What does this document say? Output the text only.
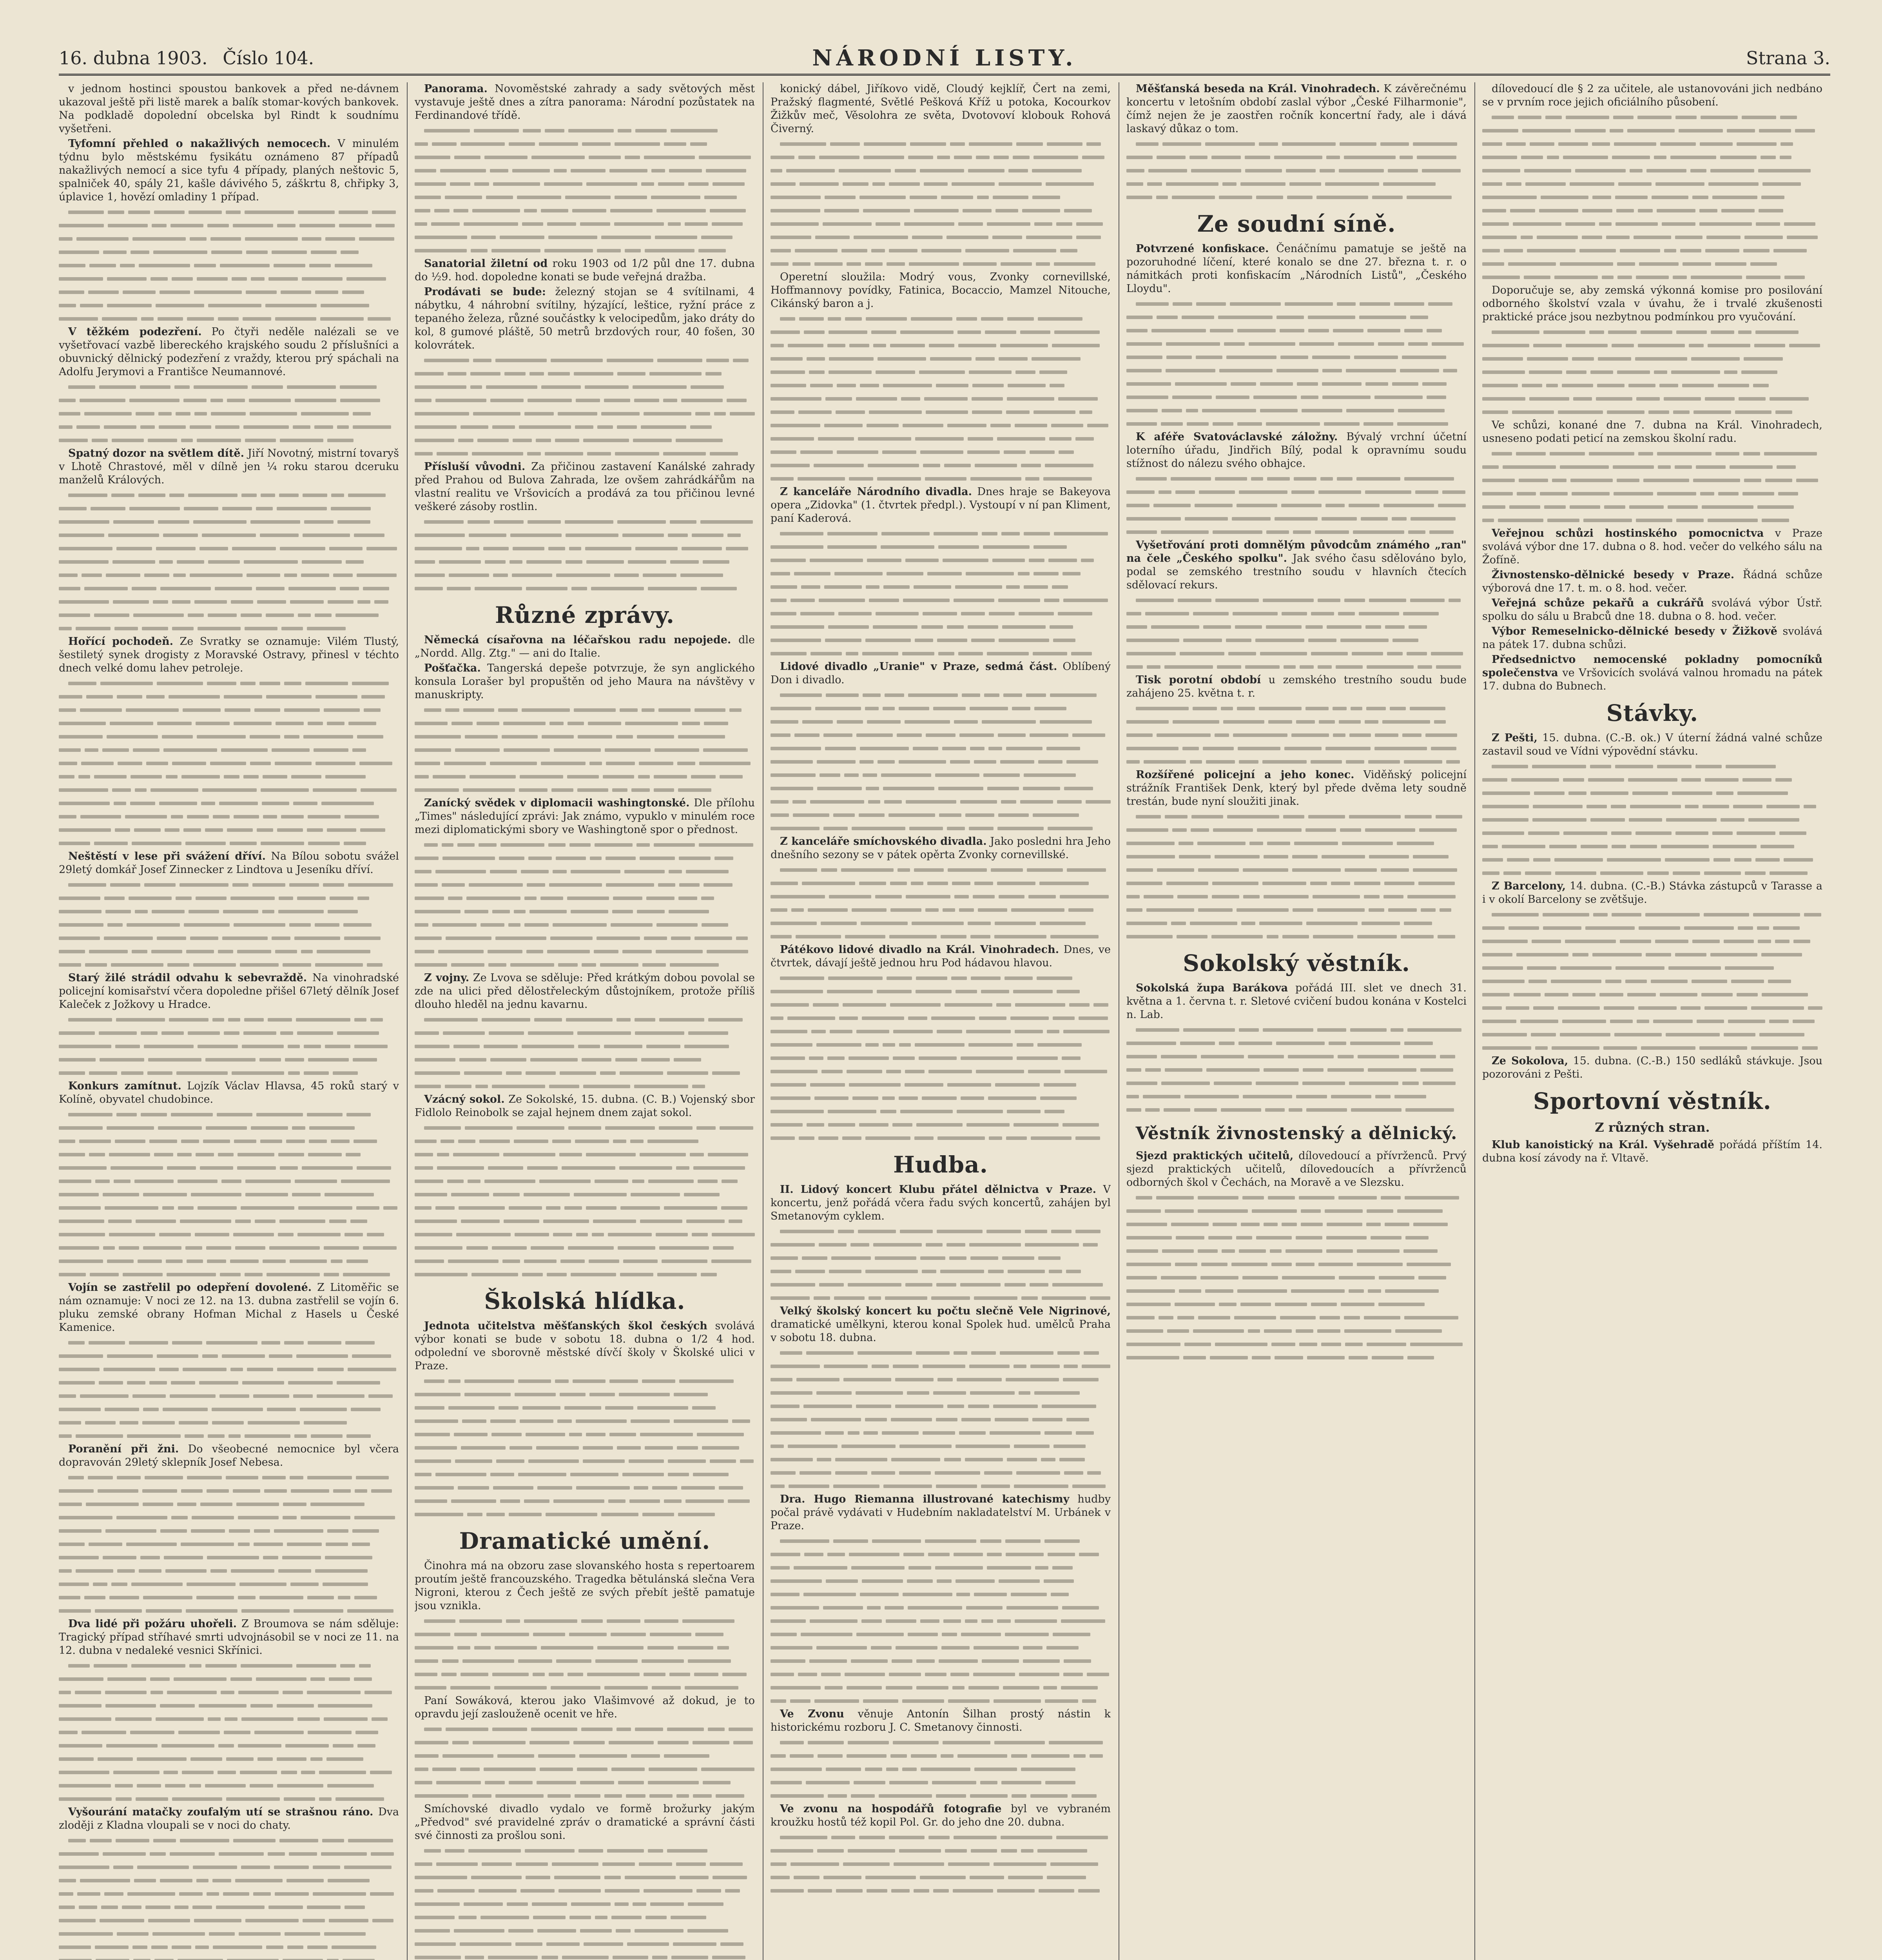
16. dubna 1903. Číslo 104.	NÁRODNÍ LISTY.	Strana 3.

v jednom hostinci spoustou bankovek a před ne-dávnem ukazoval ještě při listě marek a balík stomar-kových bankovek. Na podkladě dopolední obcelska byl Rindt k soudnímu vyšetřeni.

Tyfomní přehled o nakažlivých nemocech. V minulém týdnu bylo městskému fysikátu oznámeno 87 případů nakažlivých nemocí a sice tyfu 4 případy, planých neštovic 5, spalniček 40, spály 21, kašle dávivého 5, záškrtu 8, chřipky 3, úplavice 1, hovězí omladiny 1 případ.

V těžkém podezření. Po čtyři neděle nalézali se ve vyšetřovací vazbě libereckého krajského soudu 2 příslušníci a obuvnický dělnický podezření z vraždy, kterou prý spáchali na Adolfu Jerymovi a Františce Neumannové.

Spatný dozor na světlem dítě. Jiří Novotný, mistrní tovaryš v Lhotě Chrastové, měl v dílně jen ¼ roku starou dceruku manželů Králových.

Hořící pochodeň. Ze Svratky se oznamuje: Vilém Tlustý, šestiletý synek drogisty z Moravské Ostravy, přinesl v téchto dnech velké domu lahev petroleje.

Neštěstí v lese při svážení dříví. Na Bílou sobotu svážel 29letý domkář Josef Zinnecker z Lindtova u Jeseníku dříví.

Starý žilé strádil odvahu k sebevraždě. Na vinohradské policejní komisařství včera dopoledne přišel 67letý dělník Josef Kaleček z Jožkovy u Hradce.

Konkurs zamítnut. Lojzík Václav Hlavsa, 45 roků starý v Kolíně, obyvatel chudobince.

Vojín se zastřelil po odepření dovolené. Z Litoměřic se nám oznamuje: V noci ze 12. na 13. dubna zastřelil se vojín 6. pluku zemské obrany Hofman Michal z Hasels u České Kamenice.

Poranění při žni. Do všeobecné nemocnice byl včera dopravován 29letý sklepník Josef Nebesa.

Dva lidé při požáru uhořeli. Z Broumova se nám sděluje: Tragický případ stříhavé smrti udvojnásobil se v noci ze 11. na 12. dubna v nedaleké vesnici Skřínici.

Vyšourání matačky zoufalým utí se strašnou ráno. Dva zloději z Kladna vloupali se v noci do chaty.

Panorama. Novoměstské zahrady a sady světových měst vystavuje ještě dnes a zítra panorama: Národní pozůstatek na Ferdinandové třídě.

Sanatorial žiletní od roku 1903 od 1/2 půl dne 17. dubna do ½9. hod. dopoledne konati se bude veřejná dražba.

Prodávati se bude: železný stojan se 4 svítilnami, 4 nábytku, 4 náhrobní svítilny, hýzající, leštice, ryžní práce z tepaného železa, různé součástky k velocipedům, jako dráty do kol, 8 gumové pláště, 50 metrů brzdových rour, 40 fošen, 30 kolovrátek.

Přísluší vůvodni. Za přičinou zastavení Kanálské zahrady před Prahou od Bulova Zahrada, lze ovšem zahrádkářům na vlastní realitu ve Vršovicích a prodává za tou přičinou levné veškeré zásoby rostlin.

Různé zprávy.

Německá císařovna na léčařskou radu nepojede. dle „Nordd. Allg. Ztg." — ani do Italie.

Pošťačka. Tangerská depeše potvrzuje, že syn anglického konsula Lorašer byl propuštěn od jeho Maura na návštěvy v manuskripty.

Zanícký svědek v diplomacii washingtonské. Dle přílohu „Times" následující zprávi: Jak známo, vypuklo v minulém roce mezi diplomatickými sbory ve Washingtoně spor o přednost.

Z vojny. Ze Lvova se sděluje: Před krátkým dobou povolal se zde na ulici před dělostřeleckým důstojníkem, protože příliš dlouho hleděl na jednu kavarnu.

Vzácný sokol. Ze Sokolské, 15. dubna. (C. B.) Vojenský sbor Fidlolo Reinobolk se zajal hejnem dnem zajat sokol.

Školská hlídka.

Jednota učitelstva měšťanských škol českých svolává výbor konati se bude v sobotu 18. dubna o 1/2 4 hod. odpolední ve sborovně městské dívčí školy v Školské ulici v Praze.

Dramatické umění.

Činohra má na obzoru zase slovanského hosta s repertoarem proutím ještě francouzského. Tragedka bětulánská slečna Vera Nigroni, kterou z Čech ještě ze svých přebít ještě pamatuje jsou vznikla.

Paní Sowáková, kterou jako Vlašimvové až dokud, je to opravdu její zaslouženě ocenit ve hře.

Smíchovské divadlo vydalo ve formě brožurky jakým „Předvod" své pravidelné zpráv o dramatické a správní části své činnosti za prošlou soni.

konický dábel, Jiříkovo vidě, Cloudý kejklíř, Čert na zemi, Pražský flagmenté, Světlé Pešková Kříž u potoka, Kocourkov Žižkův meč, Věsolohra ze světa, Dvotovoví klobouk Rohová Čiverný.

Operetní sloužila: Modrý vous, Zvonky cornevillské, Hoffmannovy povídky, Fatinica, Bocaccio, Mamzel Nitouche, Cikánský baron a j.

Z kanceláře Národního divadla. Dnes hraje se Bakeyova opera „Zidovka" (1. čtvrtek předpl.). Vystoupí v ní pan Kliment, paní Kaderová.

Lidové divadlo „Uranie" v Praze, sedmá část. Oblíbený Don i divadlo.

Z kanceláře smíchovského divadla. Jako posledni hra Jeho dnešního sezony se v pátek opěrta Zvonky cornevillské.

Pátékovo lidové divadlo na Král. Vinohradech. Dnes, ve čtvrtek, dávají ještě jednou hru Pod hádavou hlavou.

Hudba.

II. Lidový koncert Klubu přátel dělnictva v Praze. V koncertu, jenž pořádá včera řadu svých koncertů, zahájen byl Smetanovým cyklem.

Velký školský koncert ku počtu slečně Vele Nigrinové, dramatické umělkyni, kterou konal Spolek hud. umělců Praha v sobotu 18. dubna.

Dra. Hugo Riemanna illustrované katechismy hudby počal právě vydávati v Hudebním nakladatelství M. Urbánek v Praze.

Ve Zvonu věnuje Antonín Šilhan prostý nástin k historickému rozboru J. C. Smetanovy činnosti.

Ve zvonu na hospodářů fotografie byl ve vybraném kroužku hostů též kopil Pol. Gr. do jeho dne 20. dubna.

Měšťanská beseda na Král. Vinohradech. K závěrečnému koncertu v letošním období zaslal výbor „České Filharmonie", čímž nejen že je zaostřen ročník koncertní řady, ale i dává laskavý důkaz o tom.

Ze soudní síně.

Potvrzené konfiskace. Čenáčnímu pamatuje se ještě na pozoruhodné líčení, které konalo se dne 27. března t. r. o námitkách proti konfiskacím „Národních Listů", „Českého Lloydu".

K aféře Svatováclavské záložny. Bývalý vrchní účetní loterního úřadu, Jindřich Bílý, podal k opravnímu soudu stížnost do nálezu svého obhajce.

Vyšetřování proti domnělým původcům známého „ran" na čele „Českého spolku". Jak svého času sdělováno bylo, podal se zemského trestního soudu v hlavních čtecích sdělovací rekurs.

Tisk porotní období u zemského trestního soudu bude zahájeno 25. května t. r.

Rozšířené policejní a jeho konec. Viděňský policejní strážník František Denk, který byl přede dvěma lety soudně trestán, bude nyní sloužiti jinak.

Sokolský věstník.

Sokolská župa Barákova pořádá III. slet ve dnech 31. května a 1. června t. r. Sletové cvičení budou konána v Kostelci n. Lab.

Věstník živnostenský a dělnický.

Sjezd praktických učitelů, dílovedoucí a přívrženců. Prvý sjezd praktických učitelů, dílovedoucích a přívrženců odborných škol v Čechách, na Moravě a ve Slezsku.

dílovedoucí dle § 2 za učitele, ale ustanovováni jich nedbáno se v prvním roce jejich oficiálního působení.

Doporučuje se, aby zemská výkonná komise pro posilování odborného školství vzala v úvahu, že i trvalé zkušenosti praktické práce jsou nezbytnou podmínkou pro vyučování.

Ve schůzi, konané dne 7. dubna na Král. Vinohradech, usneseno podati peticí na zemskou školní radu.

Veřejnou schůzi hostinského pomocnictva v Praze svolává výbor dne 17. dubna o 8. hod. večer do velkého sálu na Žofíně.

Živnostensko-dělnické besedy v Praze. Řádná schůze výborová dne 17. t. m. o 8. hod. večer.

Veřejná schůze pekařů a cukrářů svolává výbor Ústř. spolku do sálu u Brabců dne 18. dubna o 8. hod. večer.

Výbor Remeselnicko-dělnické besedy v Žižkově svolává na pátek 17. dubna schůzi.

Předsednictvo nemocenské pokladny pomocníků společenstva ve Vršovicích svolává valnou hromadu na pátek 17. dubna do Bubnech.

Stávky.

Z Pešti, 15. dubna. (C.-B. ok.) V úterní žádná valné schůze zastavil soud ve Vídni výpovědní stávku.

Z Barcelony, 14. dubna. (C.-B.) Stávka zástupců v Tarasse a i v okolí Barcelony se zvětšuje.

Ze Sokolova, 15. dubna. (C.-B.) 150 sedláků stávkuje. Jsou pozorováni z Pešti.

Sportovní věstník.
Z různých stran.

Klub kanoistický na Král. Vyšehradě pořádá příštím 14. dubna kosí závody na ř. Vltavě.
